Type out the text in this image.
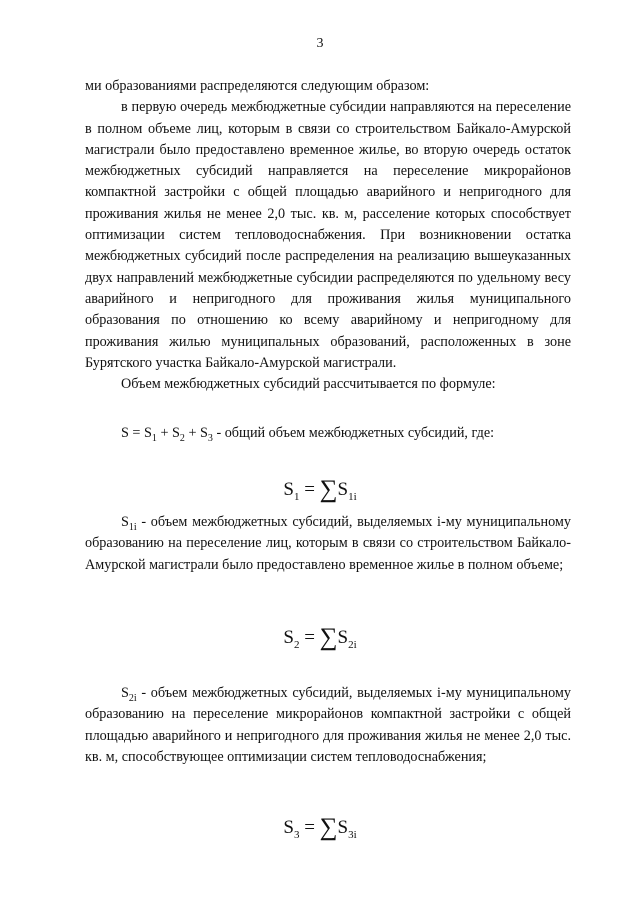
3

ми образованиями распределяются следующим образом:

в первую очередь межбюджетные субсидии направляются на переселение в полном объеме лиц, которым в связи со строительством Байкало-Амурской магистрали было предоставлено временное жилье, во вторую очередь остаток межбюджетных субсидий направляется на переселение микрорайонов компактной застройки с общей площадью аварийного и непригодного для проживания жилья не менее 2,0 тыс. кв. м, расселение которых способствует оптимизации систем тепловодоснабжения. При возникновении остатка межбюджетных субсидий после распределения на реализацию вышеуказанных двух направлений межбюджетные субсидии распределяются по удельному весу аварийного и непригодного для проживания жилья муниципального образования по отношению ко всему аварийному и непригодному для проживания жилью муниципальных образований, расположенных в зоне Бурятского участка Байкало-Амурской магистрали.

Объем межбюджетных субсидий рассчитывается по формуле:

$S = S_1 + S_2 + S_3$ - общий объем межбюджетных субсидий, где:
$S_1 = \sum S_{1i}$

$S_{1i}$ - объем межбюджетных субсидий, выделяемых i-му муниципальному образованию на переселение лиц, которым в связи со строительством Байкало-Амурской магистрали было предоставлено временное жилье в полном объеме;

$S_2 = \sum S_{2i}$

$S_{2i}$ - объем межбюджетных субсидий, выделяемых i-му муниципальному образованию на переселение микрорайонов компактной застройки с общей площадью аварийного и непригодного для проживания жилья не менее 2,0 тыс. кв. м, способствующее оптимизации систем тепловодоснабжения;

$S_3 = \sum S_{3i}$
